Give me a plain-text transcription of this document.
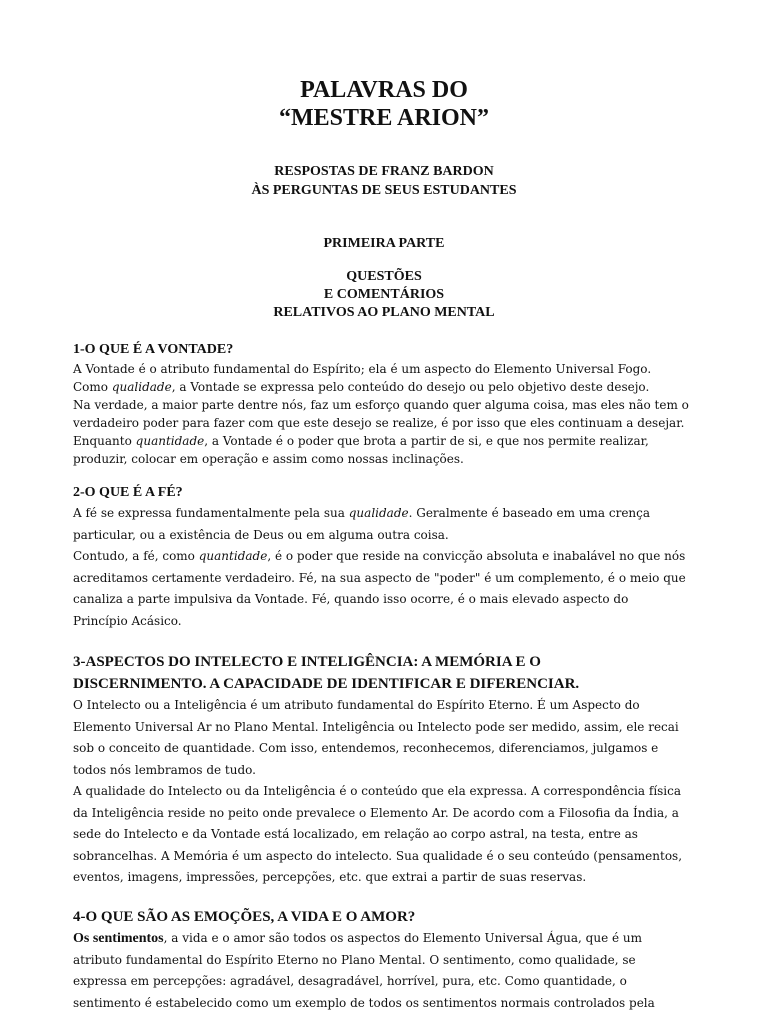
PALAVRAS DO
“MESTRE ARION”
RESPOSTAS DE FRANZ BARDON
ÀS PERGUNTAS DE SEUS ESTUDANTES
PRIMEIRA PARTE
QUESTÕES
E COMENTÁRIOS
RELATIVOS AO PLANO MENTAL
1-O QUE É A VONTADE?
A Vontade é o atributo fundamental do Espírito; ela é um aspecto do Elemento Universal Fogo.
Como qualidade, a Vontade se expressa pelo conteúdo do desejo ou pelo objetivo deste desejo.
Na verdade, a maior parte dentre nós, faz um esforço quando quer alguma coisa, mas eles não tem o
verdadeiro poder para fazer com que este desejo se realize, é por isso que eles continuam a desejar.
Enquanto quantidade, a Vontade é o poder que brota a partir de si, e que nos permite realizar,
produzir, colocar em operação e assim como nossas inclinações.
2-O QUE É A FÉ?
A fé se expressa fundamentalmente pela sua qualidade. Geralmente é baseado em uma crença
particular, ou a existência de Deus ou em alguma outra coisa.
Contudo, a fé, como quantidade, é o poder que reside na convicção absoluta e inabalável no que nós
acreditamos certamente verdadeiro. Fé, na sua aspecto de "poder" é um complemento, é o meio que
canaliza a parte impulsiva da Vontade. Fé, quando isso ocorre, é o mais elevado aspecto do
Princípio Acásico.
3-ASPECTOS DO INTELECTO E INTELIGÊNCIA: A MEMÓRIA E O
DISCERNIMENTO. A CAPACIDADE DE IDENTIFICAR E DIFERENCIAR.
O Intelecto ou a Inteligência é um atributo fundamental do Espírito Eterno. É um Aspecto do
Elemento Universal Ar no Plano Mental. Inteligência ou Intelecto pode ser medido, assim, ele recai
sob o conceito de quantidade. Com isso, entendemos, reconhecemos, diferenciamos, julgamos e
todos nós lembramos de tudo.
A qualidade do Intelecto ou da Inteligência é o conteúdo que ela expressa. A correspondência física
da Inteligência reside no peito onde prevalece o Elemento Ar. De acordo com a Filosofia da Índia, a
sede do Intelecto e da Vontade está localizado, em relação ao corpo astral, na testa, entre as
sobrancelhas. A Memória é um aspecto do intelecto. Sua qualidade é o seu conteúdo (pensamentos,
eventos, imagens, impressões, percepções, etc. que extrai a partir de suas reservas.
4-O QUE SÃO AS EMOÇÕES, A VIDA E O AMOR?
Os sentimentos, a vida e o amor são todos os aspectos do Elemento Universal Água, que é um
atributo fundamental do Espírito Eterno no Plano Mental. O sentimento, como qualidade, se
expressa em percepções: agradável, desagradável, horrível, pura, etc. Como quantidade, o
sentimento é estabelecido como um exemplo de todos os sentimentos normais controlados pela
